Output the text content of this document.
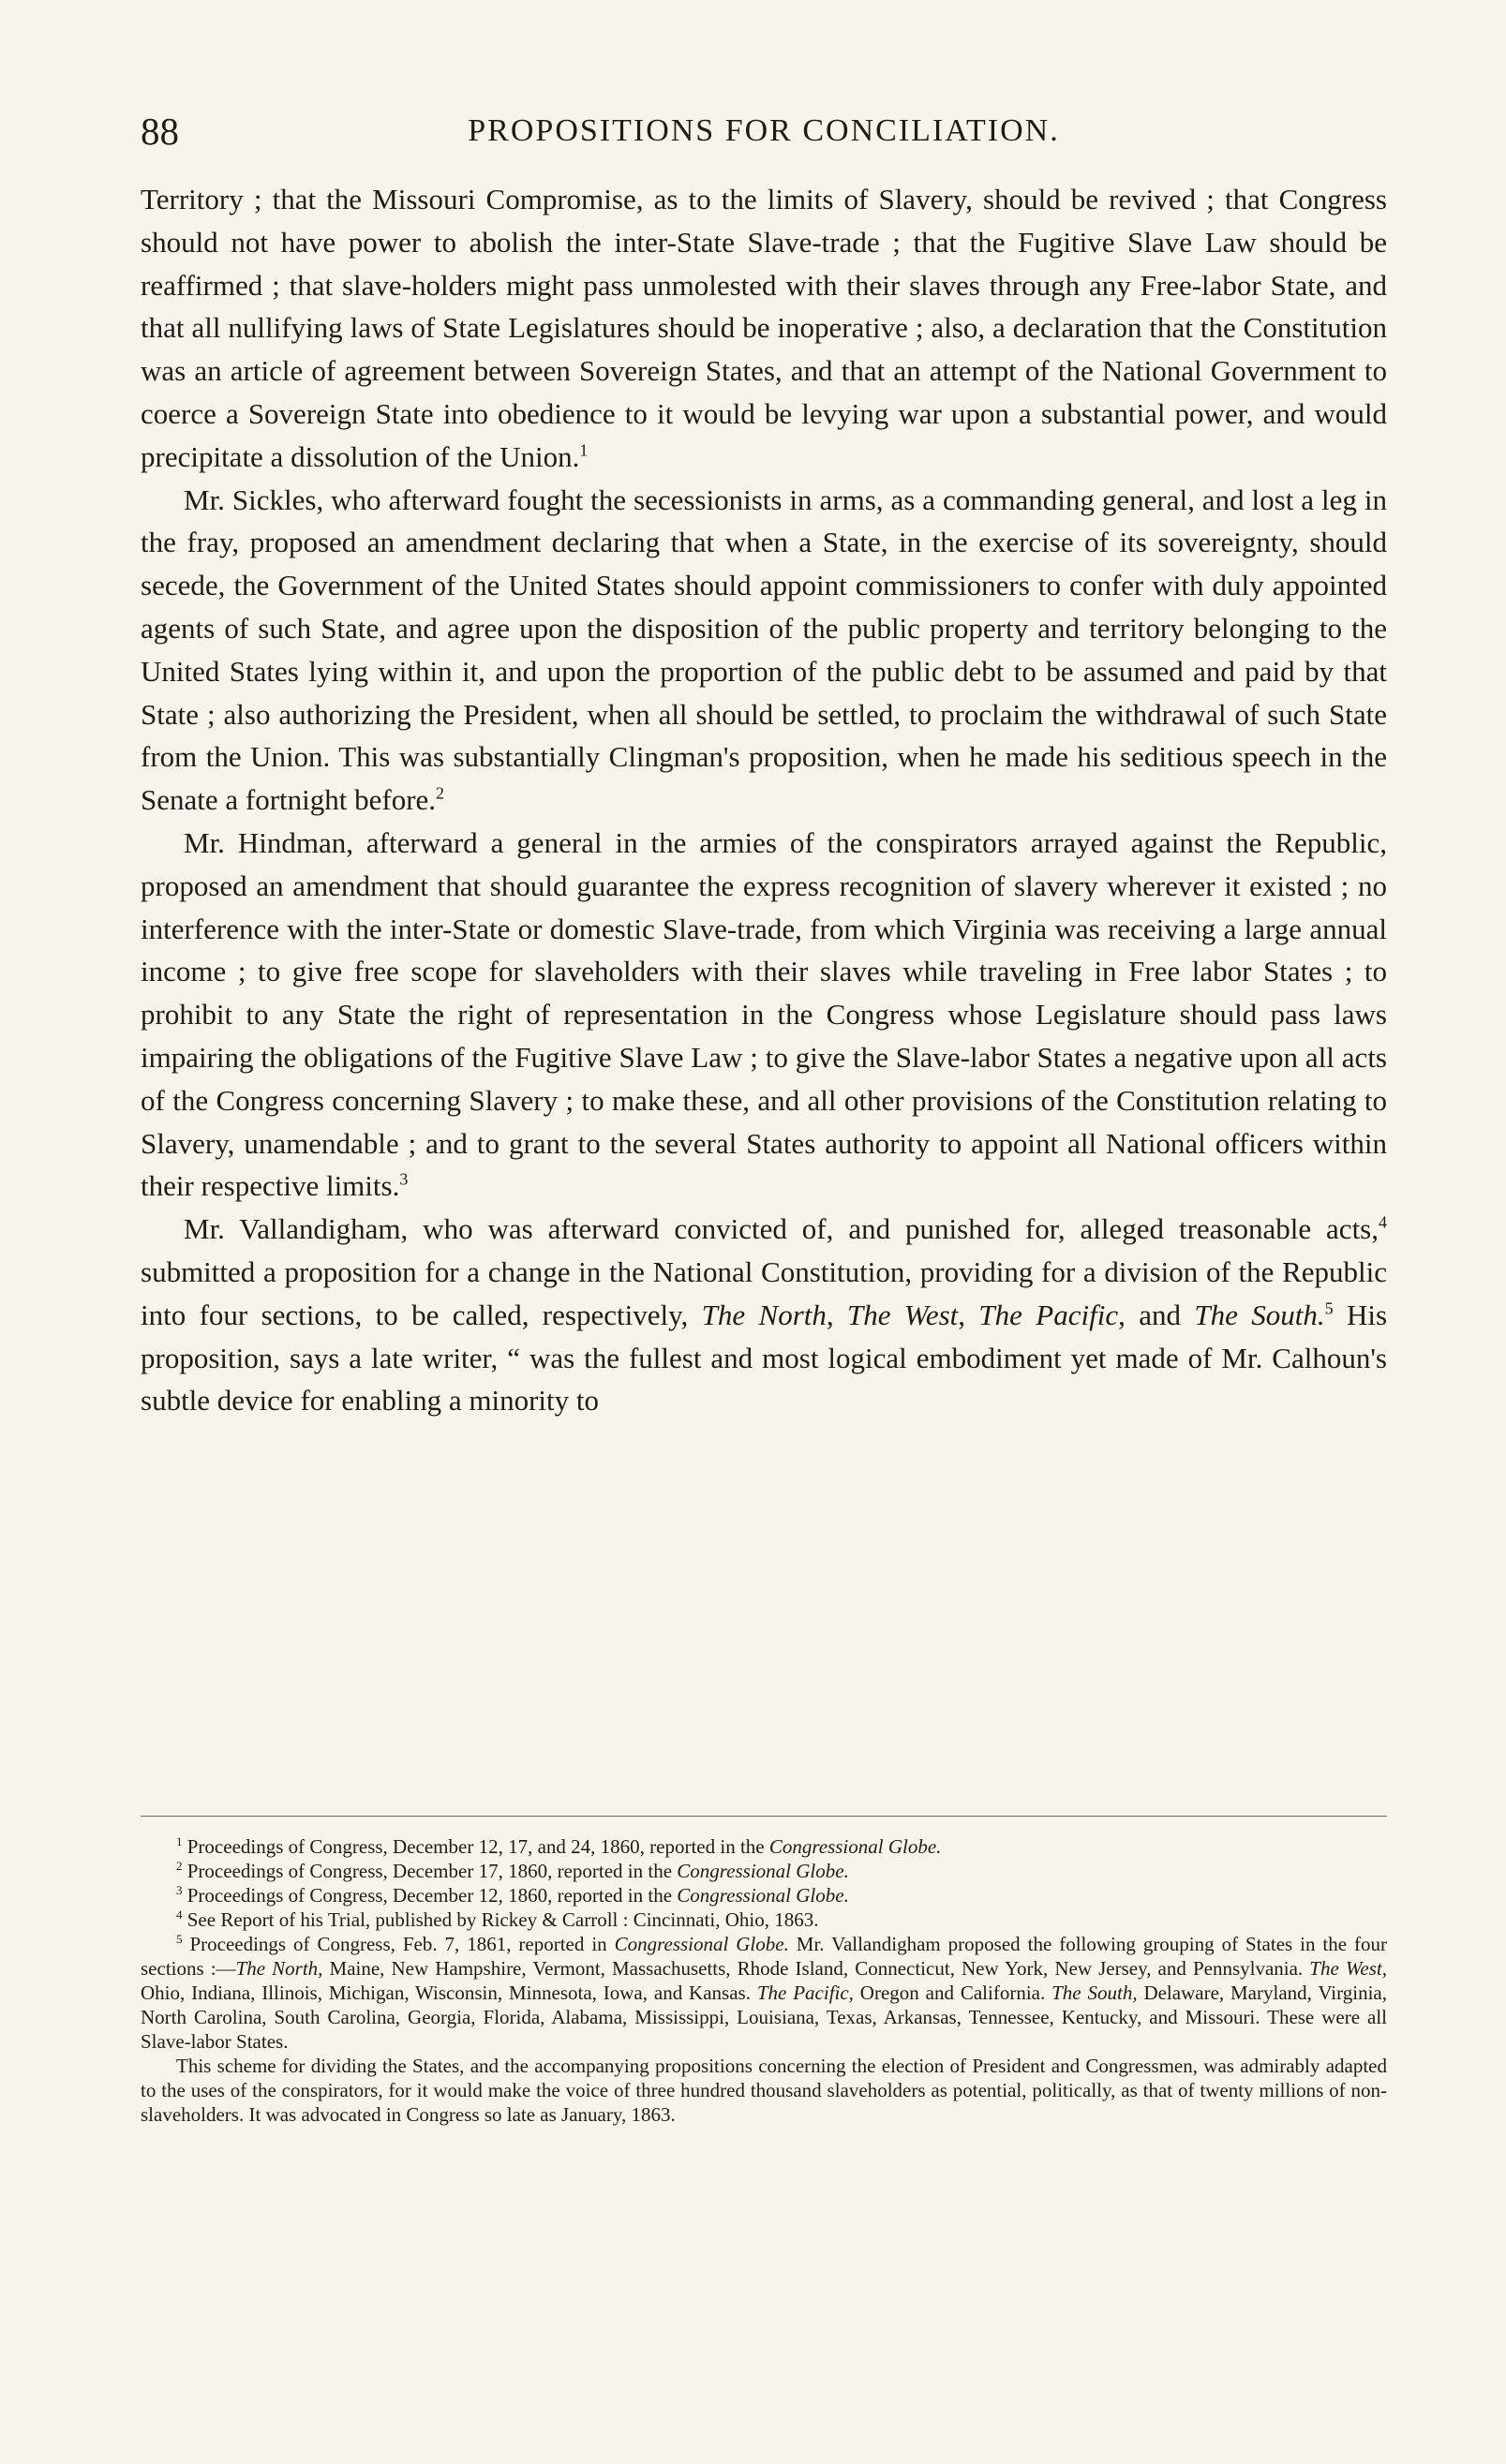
88	PROPOSITIONS FOR CONCILIATION.

Territory ; that the Missouri Compromise, as to the limits of Slavery, should be revived ; that Congress should not have power to abolish the inter-State Slave-trade ; that the Fugitive Slave Law should be reaffirmed ; that slave-holders might pass unmolested with their slaves through any Free-labor State, and that all nullifying laws of State Legislatures should be inoperative ; also, a declaration that the Constitution was an article of agreement between Sovereign States, and that an attempt of the National Government to coerce a Sovereign State into obedience to it would be levying war upon a substantial power, and would precipitate a dissolution of the Union.$^1$

Mr. Sickles, who afterward fought the secessionists in arms, as a commanding general, and lost a leg in the fray, proposed an amendment declaring that when a State, in the exercise of its sovereignty, should secede, the Government of the United States should appoint commissioners to confer with duly appointed agents of such State, and agree upon the disposition of the public property and territory belonging to the United States lying within it, and upon the proportion of the public debt to be assumed and paid by that State ; also authorizing the President, when all should be settled, to proclaim the withdrawal of such State from the Union. This was substantially Clingman's proposition, when he made his seditious speech in the Senate a fortnight before.$^2$

Mr. Hindman, afterward a general in the armies of the conspirators arrayed against the Republic, proposed an amendment that should guarantee the express recognition of slavery wherever it existed ; no interference with the inter-State or domestic Slave-trade, from which Virginia was receiving a large annual income ; to give free scope for slaveholders with their slaves while traveling in Free labor States ; to prohibit to any State the right of representation in the Congress whose Legislature should pass laws impairing the obligations of the Fugitive Slave Law ; to give the Slave-labor States a negative upon all acts of the Congress concerning Slavery ; to make these, and all other provisions of the Constitution relating to Slavery, unamendable ; and to grant to the several States authority to appoint all National officers within their respective limits.$^3$

Mr. Vallandigham, who was afterward convicted of, and punished for, alleged treasonable acts,$^4$ submitted a proposition for a change in the National Constitution, providing for a division of the Republic into four sections, to be called, respectively, The North, The West, The Pacific, and The South.$^5$ His proposition, says a late writer, “ was the fullest and most logical embodiment yet made of Mr. Calhoun's subtle device for enabling a minority to

$^1$ Proceedings of Congress, December 12, 17, and 24, 1860, reported in the Congressional Globe.

$^2$ Proceedings of Congress, December 17, 1860, reported in the Congressional Globe.

$^3$ Proceedings of Congress, December 12, 1860, reported in the Congressional Globe.

$^4$ See Report of his Trial, published by Rickey & Carroll : Cincinnati, Ohio, 1863.

$^5$ Proceedings of Congress, Feb. 7, 1861, reported in Congressional Globe. Mr. Vallandigham proposed the following grouping of States in the four sections :—The North, Maine, New Hampshire, Vermont, Massachusetts, Rhode Island, Connecticut, New York, New Jersey, and Pennsylvania. The West, Ohio, Indiana, Illinois, Michigan, Wisconsin, Minnesota, Iowa, and Kansas. The Pacific, Oregon and California. The South, Delaware, Maryland, Virginia, North Carolina, South Carolina, Georgia, Florida, Alabama, Mississippi, Louisiana, Texas, Arkansas, Tennessee, Kentucky, and Missouri. These were all Slave-labor States.

This scheme for dividing the States, and the accompanying propositions concerning the election of President and Congressmen, was admirably adapted to the uses of the conspirators, for it would make the voice of three hundred thousand slaveholders as potential, politically, as that of twenty millions of non-slaveholders. It was advocated in Congress so late as January, 1863.
